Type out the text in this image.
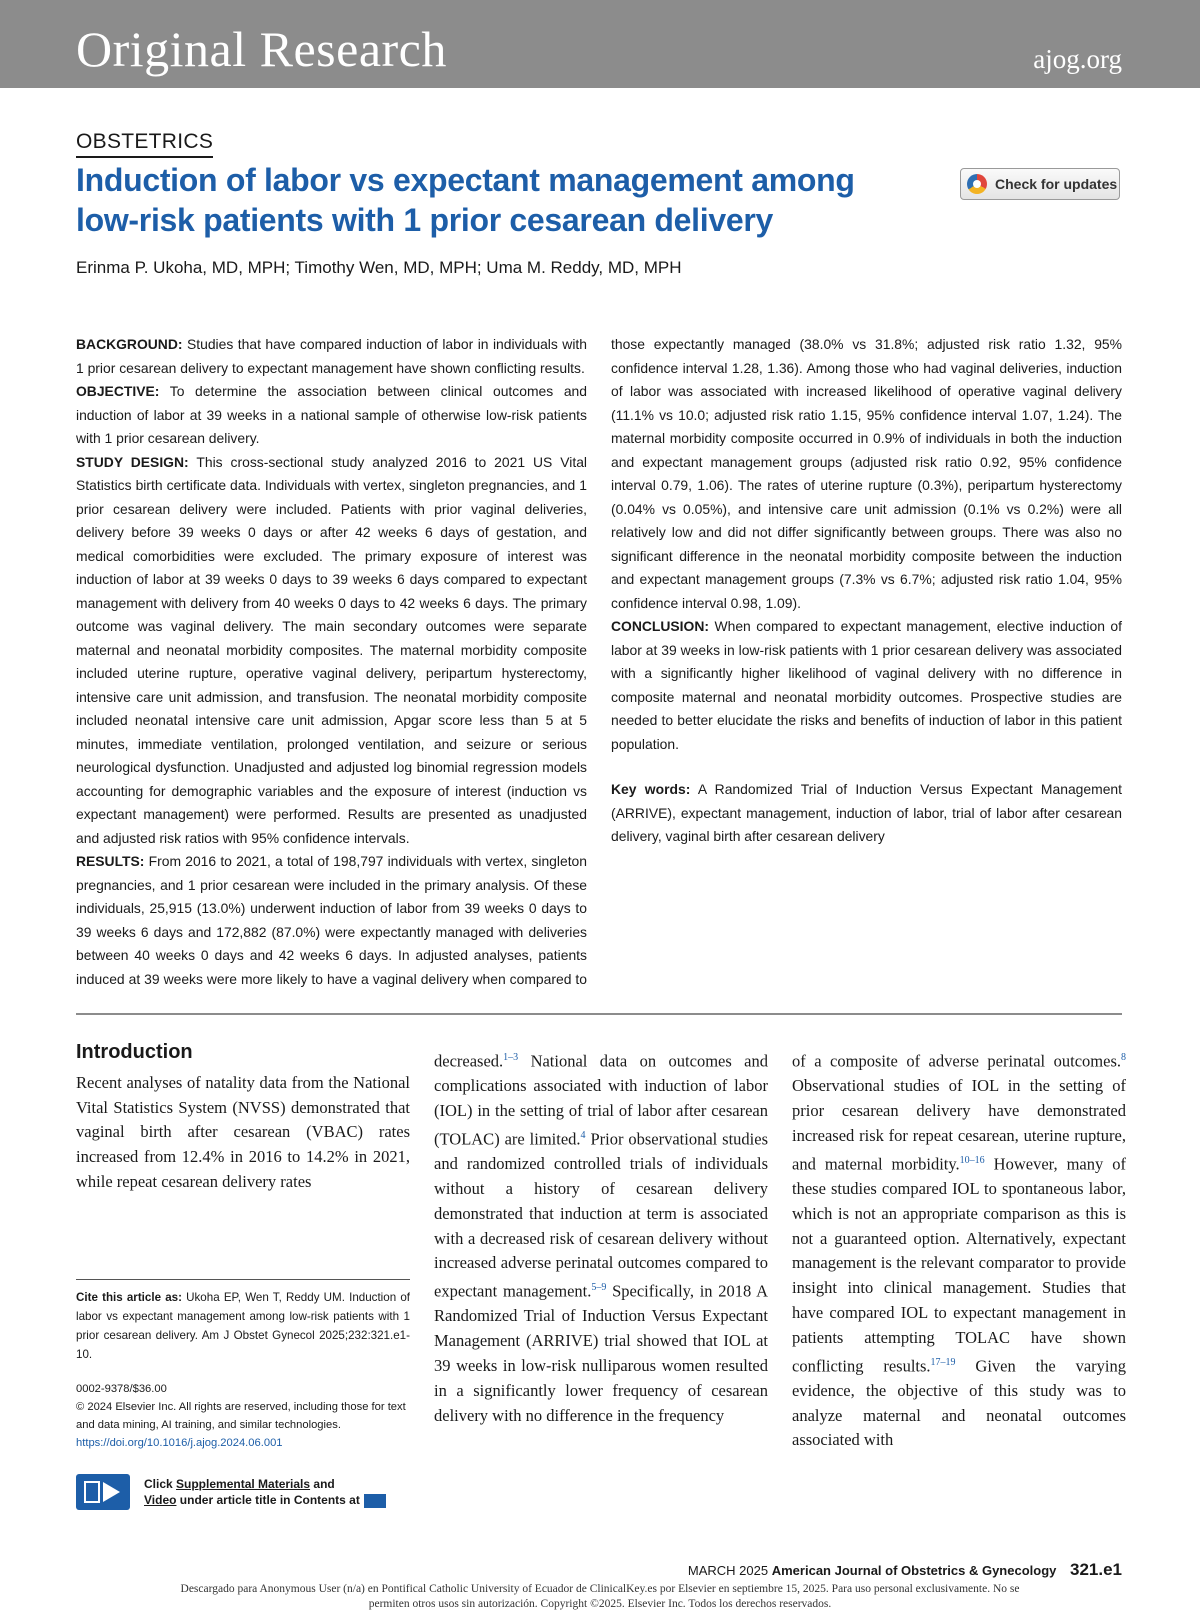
Original Research	ajog.org
OBSTETRICS
Induction of labor vs expectant management among low-risk patients with 1 prior cesarean delivery
Check for updates
Erinma P. Ukoha, MD, MPH; Timothy Wen, MD, MPH; Uma M. Reddy, MD, MPH

BACKGROUND: Studies that have compared induction of labor in individuals with 1 prior cesarean delivery to expectant management have shown conflicting results.

OBJECTIVE: To determine the association between clinical outcomes and induction of labor at 39 weeks in a national sample of otherwise low-risk patients with 1 prior cesarean delivery.

STUDY DESIGN: This cross-sectional study analyzed 2016 to 2021 US Vital Statistics birth certificate data. Individuals with vertex, singleton pregnancies, and 1 prior cesarean delivery were included. Patients with prior vaginal deliveries, delivery before 39 weeks 0 days or after 42 weeks 6 days of gestation, and medical comorbidities were excluded. The primary exposure of interest was induction of labor at 39 weeks 0 days to 39 weeks 6 days compared to expectant management with delivery from 40 weeks 0 days to 42 weeks 6 days. The primary outcome was vaginal delivery. The main secondary outcomes were separate maternal and neonatal morbidity composites. The maternal morbidity composite included uterine rupture, operative vaginal delivery, peripartum hysterectomy, intensive care unit admission, and transfusion. The neonatal morbidity composite included neonatal intensive care unit admission, Apgar score less than 5 at 5 minutes, immediate ventilation, prolonged ventilation, and seizure or serious neurological dysfunction. Unadjusted and adjusted log binomial regression models accounting for demographic variables and the exposure of interest (induction vs expectant management) were performed. Results are presented as unadjusted and adjusted risk ratios with 95% confidence intervals.

RESULTS: From 2016 to 2021, a total of 198,797 individuals with vertex, singleton pregnancies, and 1 prior cesarean were included in the primary analysis. Of these individuals, 25,915 (13.0%) underwent induction of labor from 39 weeks 0 days to 39 weeks 6 days and 172,882 (87.0%) were expectantly managed with deliveries between 40 weeks 0 days and 42 weeks 6 days. In adjusted analyses, patients induced at 39 weeks were more likely to have a vaginal delivery when compared to those expectantly managed (38.0% vs 31.8%; adjusted risk ratio 1.32, 95% confidence interval 1.28, 1.36). Among those who had vaginal deliveries, induction of labor was associated with increased likelihood of operative vaginal delivery (11.1% vs 10.0; adjusted risk ratio 1.15, 95% confidence interval 1.07, 1.24). The maternal morbidity composite occurred in 0.9% of individuals in both the induction and expectant management groups (adjusted risk ratio 0.92, 95% confidence interval 0.79, 1.06). The rates of uterine rupture (0.3%), peripartum hysterectomy (0.04% vs 0.05%), and intensive care unit admission (0.1% vs 0.2%) were all relatively low and did not differ significantly between groups. There was also no significant difference in the neonatal morbidity composite between the induction and expectant management groups (7.3% vs 6.7%; adjusted risk ratio 1.04, 95% confidence interval 0.98, 1.09).

CONCLUSION: When compared to expectant management, elective induction of labor at 39 weeks in low-risk patients with 1 prior cesarean delivery was associated with a significantly higher likelihood of vaginal delivery with no difference in composite maternal and neonatal morbidity outcomes. Prospective studies are needed to better elucidate the risks and benefits of induction of labor in this patient population.

Key words: A Randomized Trial of Induction Versus Expectant Management (ARRIVE), expectant management, induction of labor, trial of labor after cesarean delivery, vaginal birth after cesarean delivery

Introduction

Recent analyses of natality data from the National Vital Statistics System (NVSS) demonstrated that vaginal birth after cesarean (VBAC) rates increased from 12.4% in 2016 to 14.2% in 2021, while repeat cesarean delivery rates

decreased.$^{1-3}$ National data on outcomes and complications associated with induction of labor (IOL) in the setting of trial of labor after cesarean (TOLAC) are limited.$^4$ Prior observational studies and randomized controlled trials of individuals without a history of cesarean delivery demonstrated that induction at term is associated with a decreased risk of cesarean delivery without increased adverse perinatal outcomes compared to expectant management.$^{5-9}$ Specifically, in 2018 A Randomized Trial of Induction Versus Expectant Management (ARRIVE) trial showed that IOL at 39 weeks in low-risk nulliparous women resulted in a significantly lower frequency of cesarean delivery with no difference in the frequency

of a composite of adverse perinatal outcomes.$^8$ Observational studies of IOL in the setting of prior cesarean delivery have demonstrated increased risk for repeat cesarean, uterine rupture, and maternal morbidity.$^{10-16}$ However, many of these studies compared IOL to spontaneous labor, which is not an appropriate comparison as this is not a guaranteed option. Alternatively, expectant management is the relevant comparator to provide insight into clinical management. Studies that have compared IOL to expectant management in patients attempting TOLAC have shown conflicting results.$^{17-19}$ Given the varying evidence, the objective of this study was to analyze maternal and neonatal outcomes associated with

Cite this article as: Ukoha EP, Wen T, Reddy UM. Induction of labor vs expectant management among low-risk patients with 1 prior cesarean delivery. Am J Obstet Gynecol 2025;232:321.e1-10.
0002-9378/$36.00
© 2024 Elsevier Inc. All rights are reserved, including those for text and data mining, AI training, and similar technologies.
https://doi.org/10.1016/j.ajog.2024.06.001
Click Supplemental Materials and
Video under article title in Contents at
MARCH 2025 American Journal of Obstetrics & Gynecology 321.e1
Descargado para Anonymous User (n/a) en Pontifical Catholic University of Ecuador de ClinicalKey.es por Elsevier en septiembre 15, 2025. Para uso personal exclusivamente. No se permiten otros usos sin autorización. Copyright ©2025. Elsevier Inc. Todos los derechos reservados.
